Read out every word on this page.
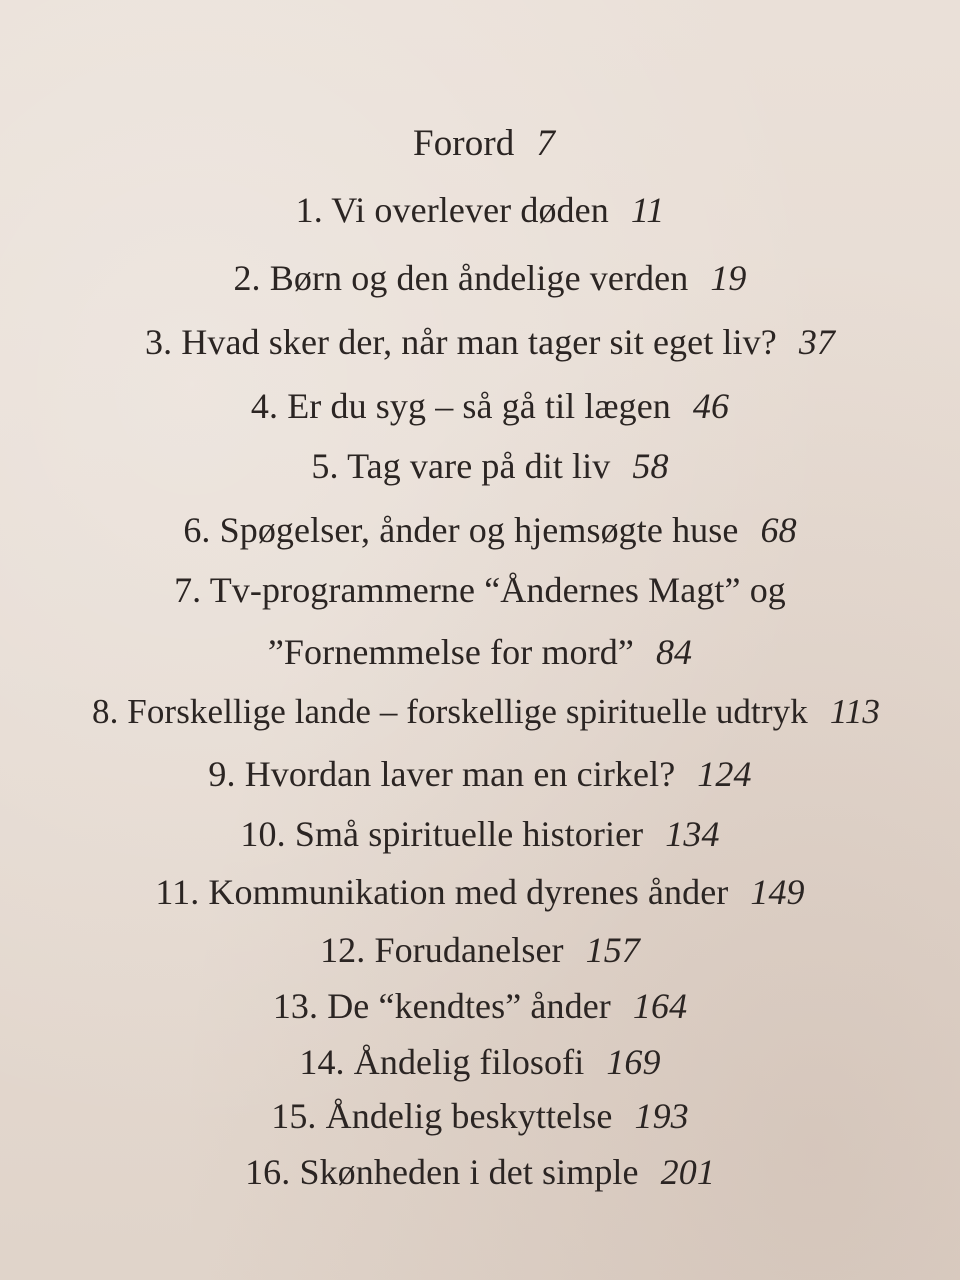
Forord 7
1. Vi overlever døden 11
2. Børn og den åndelige verden 19
3. Hvad sker der, når man tager sit eget liv? 37
4. Er du syg – så gå til lægen 46
5. Tag vare på dit liv 58
6. Spøgelser, ånder og hjemsøgte huse 68
7. Tv-programmerne “Åndernes Magt” og
”Fornemmelse for mord” 84
8. Forskellige lande – forskellige spirituelle udtryk 113
9. Hvordan laver man en cirkel? 124
10. Små spirituelle historier 134
11. Kommunikation med dyrenes ånder 149
12. Forudanelser 157
13. De “kendtes” ånder 164
14. Åndelig filosofi 169
15. Åndelig beskyttelse 193
16. Skønheden i det simple 201
